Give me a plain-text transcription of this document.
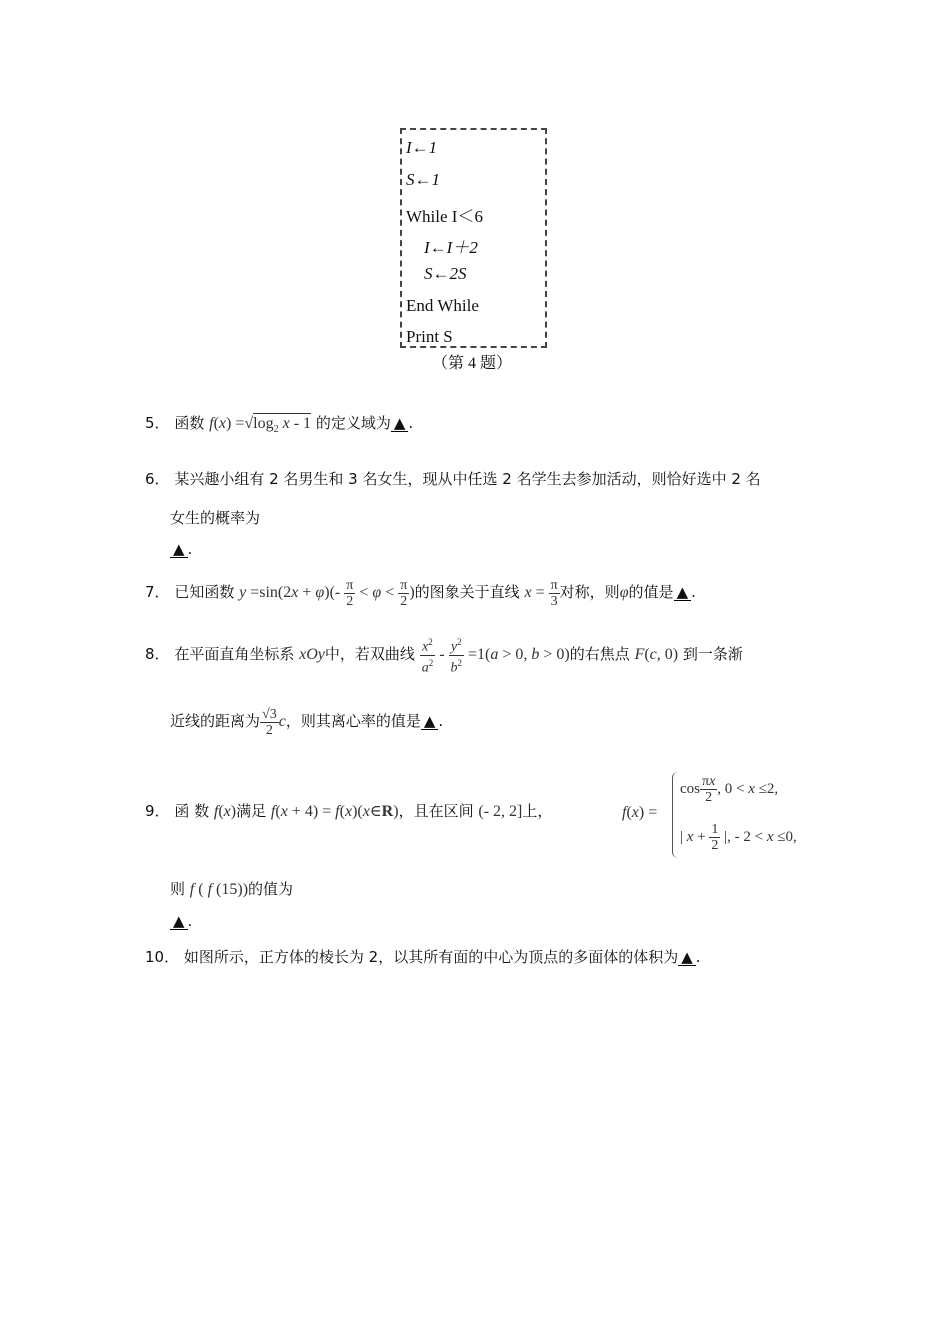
I←1
S←1
While I＜6
I←I＋2
S←2S
End While
Print S
（第 4 题）
5． 函数 $f(x) =√\log_2$ x - 1 的定义域为 ▲ .
6． 某兴趣小组有 2 名男生和 3 名女生，现从中任选 2 名学生去参加活动，则恰好选中 2 名
女生的概率为
▲ .
7． 已知函数 $y =\sin(2x + \varphi)(- \frac{\pi}{2} < \varphi < \frac{\pi}{2}$ )的图象关于直线 $x = \frac{\pi}{3}$ 对称，则φ的值是 ▲ .
8． 在平面直角坐标系 xOy中，若双曲线 $\frac{x^2}{a^2} - \frac{y^2}{b^2} =1(a > 0$, b > 0)的右焦点 F(c, 0) 到一条渐
近线的距离为 $\frac{√3}{2}$ c，则其离心率的值是 ▲ .
9． 函 数 f(x)满足 f(x + 4) = f(x)(x∈R)，且在区间 (- 2, 2]上，	f(x) =
$\cos \frac{\pi x}{2}$ , 0 < x ≤2,
| $x + \frac{1}{2}$ |, - 2 < x ≤0,
则 f ( f (15))的值为
▲ .
10． 如图所示，正方体的棱长为 2，以其所有面的中心为顶点的多面体的体积为 ▲ .
